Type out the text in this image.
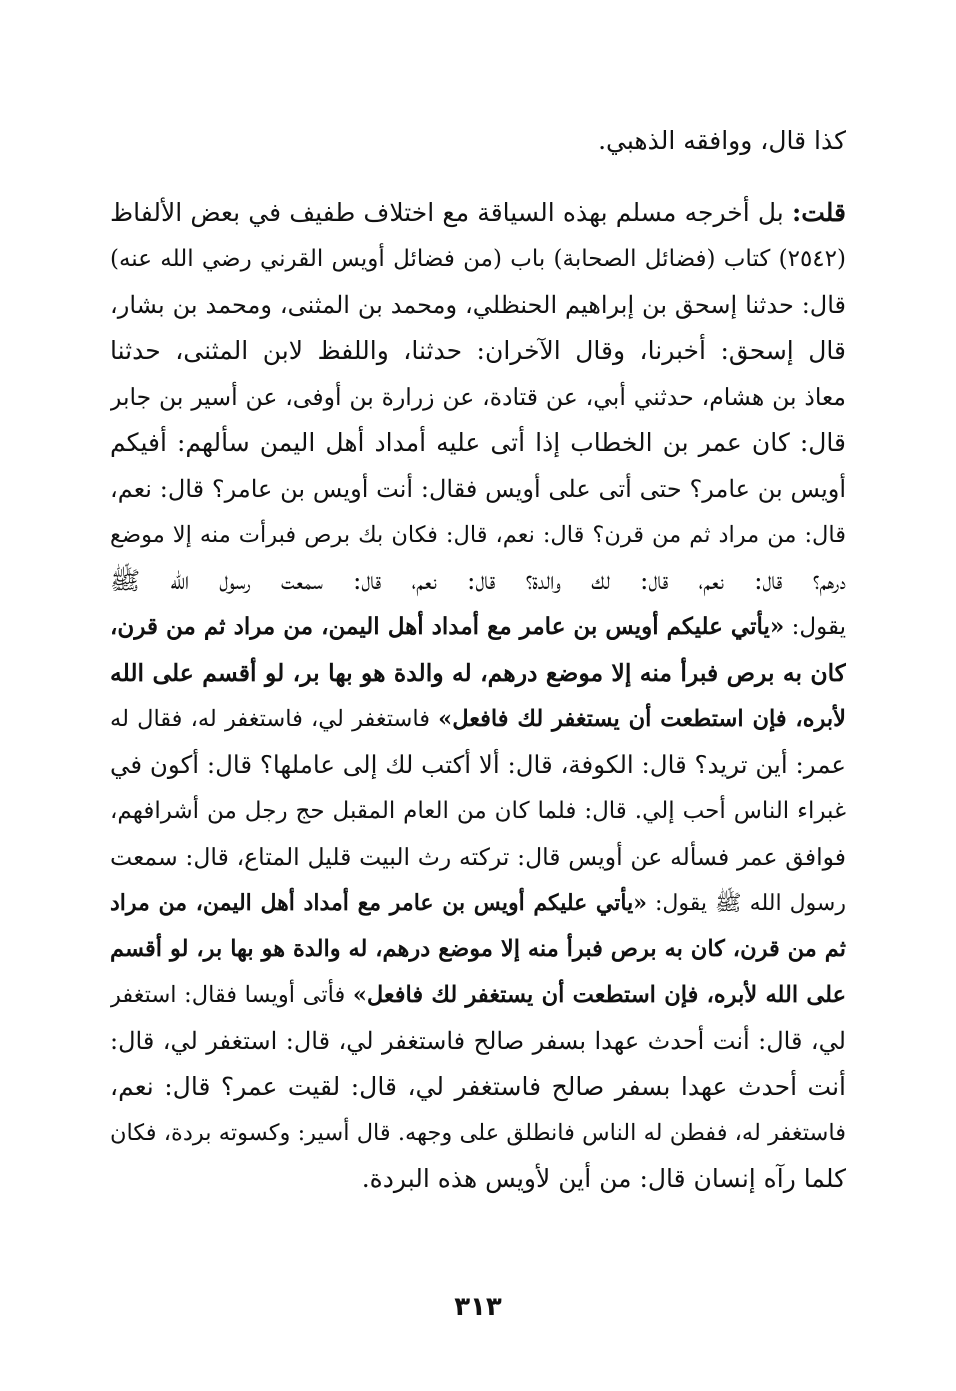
كذا قال، ووافقه الذهبي.
قلت: بل أخرجه مسلم بهذه السياقة مع اختلاف طفيف في بعض الألفاظ
(٢٥٤٢) كتاب (فضائل الصحابة) باب (من فضائل أويس القرني رضي الله عنه)
قال: حدثنا إسحق بن إبراهيم الحنظلي، ومحمد بن المثنى، ومحمد بن بشار،
قال إسحق: أخبرنا، وقال الآخران: حدثنا، واللفظ لابن المثنى، حدثنا
معاذ بن هشام، حدثني أبي، عن قتادة، عن زرارة بن أوفى، عن أسير بن جابر
قال: كان عمر بن الخطاب إذا أتى عليه أمداد أهل اليمن سألهم: أفيكم
أويس بن عامر؟ حتى أتى على أويس فقال: أنت أويس بن عامر؟ قال: نعم،
قال: من مراد ثم من قرن؟ قال: نعم، قال: فكان بك برص فبرأت منه إلا موضع
درهم؟ قال: نعم، قال: لك والدة؟ قال: نعم، قال: سمعت رسول الله ﷺ
يقول: «يأتي عليكم أويس بن عامر مع أمداد أهل اليمن، من مراد ثم من قرن،
كان به برص فبرأ منه إلا موضع درهم، له والدة هو بها بر، لو أقسم على الله
لأبره، فإن استطعت أن يستغفر لك فافعل» فاستغفر لي، فاستغفر له، فقال له
عمر: أين تريد؟ قال: الكوفة، قال: ألا أكتب لك إلى عاملها؟ قال: أكون في
غبراء الناس أحب إلي. قال: فلما كان من العام المقبل حج رجل من أشرافهم،
فوافق عمر فسأله عن أويس قال: تركته رث البيت قليل المتاع، قال: سمعت
رسول الله ﷺ يقول: «يأتي عليكم أويس بن عامر مع أمداد أهل اليمن، من مراد
ثم من قرن، كان به برص فبرأ منه إلا موضع درهم، له والدة هو بها بر، لو أقسم
على الله لأبره، فإن استطعت أن يستغفر لك فافعل» فأتى أويسا فقال: استغفر
لي، قال: أنت أحدث عهدا بسفر صالح فاستغفر لي، قال: استغفر لي، قال:
أنت أحدث عهدا بسفر صالح فاستغفر لي، قال: لقيت عمر؟ قال: نعم،
فاستغفر له، ففطن له الناس فانطلق على وجهه. قال أسير: وكسوته بردة، فكان
كلما رآه إنسان قال: من أين لأويس هذه البردة.
٣١٣
